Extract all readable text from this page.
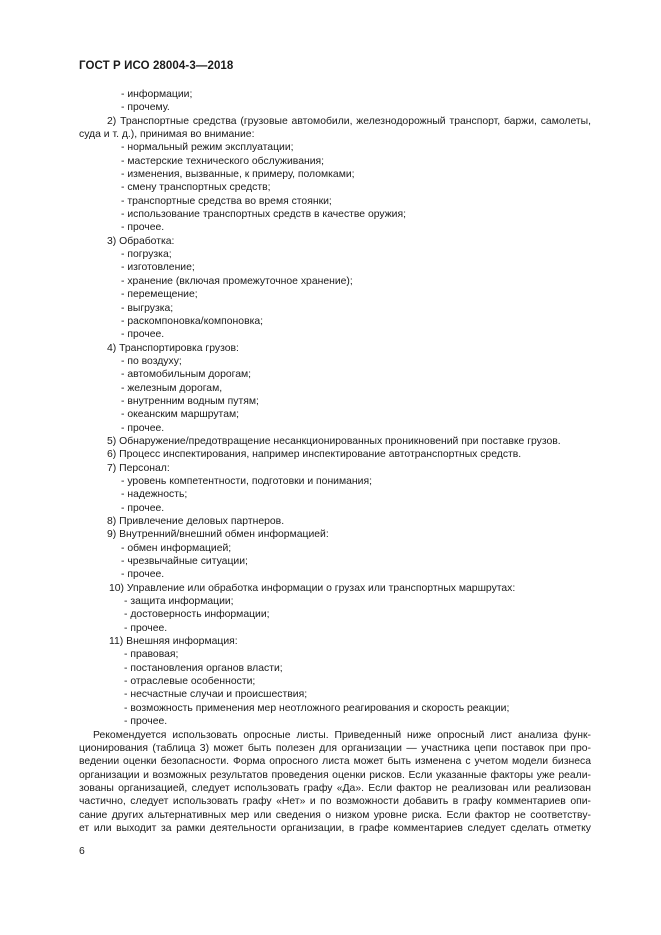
ГОСТ Р ИСО 28004-3—2018
- информации;
- прочему.
2) Транспортные средства (грузовые автомобили, железнодорожный транспорт, баржи, самолеты,
суда и т. д.), принимая во внимание:
- нормальный режим эксплуатации;
- мастерские технического обслуживания;
- изменения, вызванные, к примеру, поломками;
- смену транспортных средств;
- транспортные средства во время стоянки;
- использование транспортных средств в качестве оружия;
- прочее.
3) Обработка:
- погрузка;
- изготовление;
- хранение (включая промежуточное хранение);
- перемещение;
- выгрузка;
- раскомпоновка/компоновка;
- прочее.
4) Транспортировка грузов:
- по воздуху;
- автомобильным дорогам;
- железным дорогам,
- внутренним водным путям;
- океанским маршрутам;
- прочее.
5) Обнаружение/предотвращение несанкционированных проникновений при поставке грузов.
6) Процесс инспектирования, например инспектирование автотранспортных средств.
7) Персонал:
- уровень компетентности, подготовки и понимания;
- надежность;
- прочее.
8) Привлечение деловых партнеров.
9) Внутренний/внешний обмен информацией:
- обмен информацией;
- чрезвычайные ситуации;
- прочее.
10) Управление или обработка информации о грузах или транспортных маршрутах:
- защита информации;
- достоверность информации;
- прочее.
11) Внешняя информация:
- правовая;
- постановления органов власти;
- отраслевые особенности;
- несчастные случаи и происшествия;
- возможность применения мер неотложного реагирования и скорость реакции;
- прочее.
Рекомендуется использовать опросные листы. Приведенный ниже опросный лист анализа функ-
ционирования (таблица 3) может быть полезен для организации — участника цепи поставок при про-
ведении оценки безопасности. Форма опросного листа может быть изменена с учетом модели бизнеса
организации и возможных результатов проведения оценки рисков. Если указанные факторы уже реали-
зованы организацией, следует использовать графу «Да». Если фактор не реализован или реализован
частично, следует использовать графу «Нет» и по возможности добавить в графу комментариев опи-
сание других альтернативных мер или сведения о низком уровне риска. Если фактор не соответству-
ет или выходит за рамки деятельности организации, в графе комментариев следует сделать отметку
6
